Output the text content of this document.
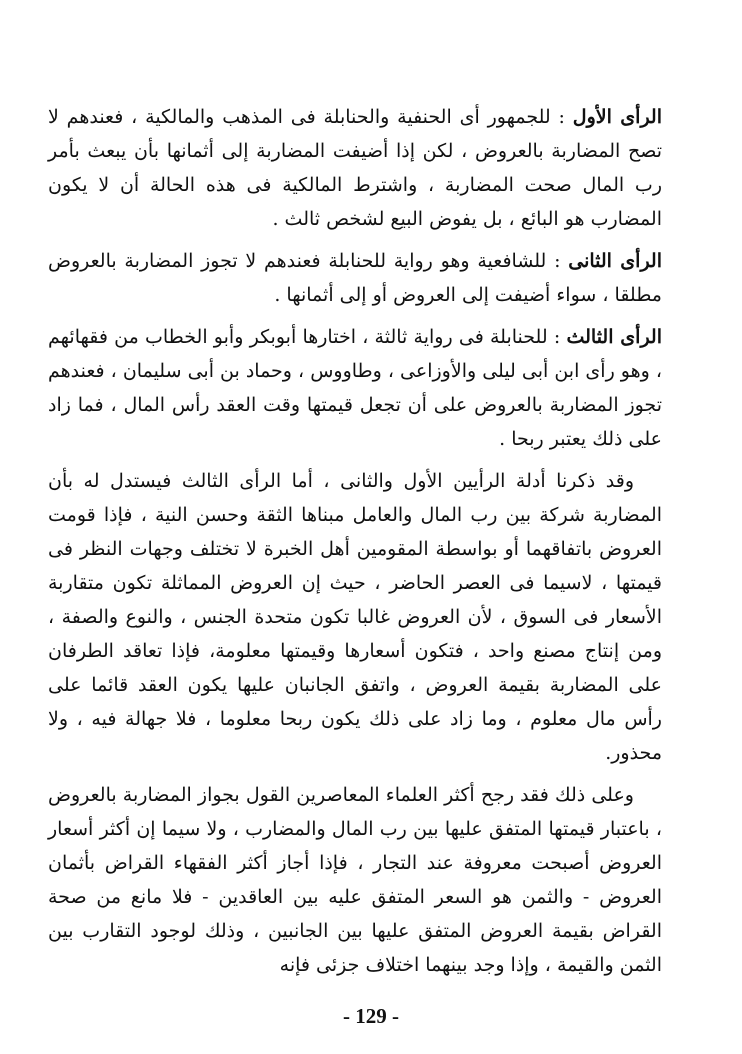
الرأى الأول : للجمهور أى الحنفية والحنابلة فى المذهب والمالكية ، فعندهم لا تصح المضاربة بالعروض ، لكن إذا أضيفت المضاربة إلى أثمانها بأن يبعث بأمر رب المال صحت المضاربة ، واشترط المالكية فى هذه الحالة أن لا يكون المضارب هو البائع ، بل يفوض البيع لشخص ثالث .

الرأى الثانى : للشافعية وهو رواية للحنابلة فعندهم لا تجوز المضاربة بالعروض مطلقا ، سواء أضيفت إلى العروض أو إلى أثمانها .

الرأى الثالث : للحنابلة فى رواية ثالثة ، اختارها أبوبكر وأبو الخطاب من فقهائهم ، وهو رأى ابن أبى ليلى والأوزاعى ، وطاووس ، وحماد بن أبى سليمان ، فعندهم تجوز المضاربة بالعروض على أن تجعل قيمتها وقت العقد رأس المال ، فما زاد على ذلك يعتبر ربحا .

وقد ذكرنا أدلة الرأيين الأول والثانى ، أما الرأى الثالث فيستدل له بأن المضاربة شركة بين رب المال والعامل مبناها الثقة وحسن النية ، فإذا قومت العروض باتفاقهما أو بواسطة المقومين أهل الخبرة لا تختلف وجهات النظر فى قيمتها ، لاسيما فى العصر الحاضر ، حيث إن العروض المماثلة تكون متقاربة الأسعار فى السوق ، لأن العروض غالبا تكون متحدة الجنس ، والنوع والصفة ، ومن إنتاج مصنع واحد ، فتكون أسعارها وقيمتها معلومة، فإذا تعاقد الطرفان على المضاربة بقيمة العروض ، واتفق الجانبان عليها يكون العقد قائما على رأس مال معلوم ، وما زاد على ذلك يكون ربحا معلوما ، فلا جهالة فيه ، ولا محذور.

وعلى ذلك فقد رجح أكثر العلماء المعاصرين القول بجواز المضاربة بالعروض ، باعتبار قيمتها المتفق عليها بين رب المال والمضارب ، ولا سيما إن أكثر أسعار العروض أصبحت معروفة عند التجار ، فإذا أجاز أكثر الفقهاء القراض بأثمان العروض - والثمن هو السعر المتفق عليه بين العاقدين - فلا مانع من صحة القراض بقيمة العروض المتفق عليها بين الجانبين ، وذلك لوجود التقارب بين الثمن والقيمة ، وإذا وجد بينهما اختلاف جزئى فإنه

- 129 -
